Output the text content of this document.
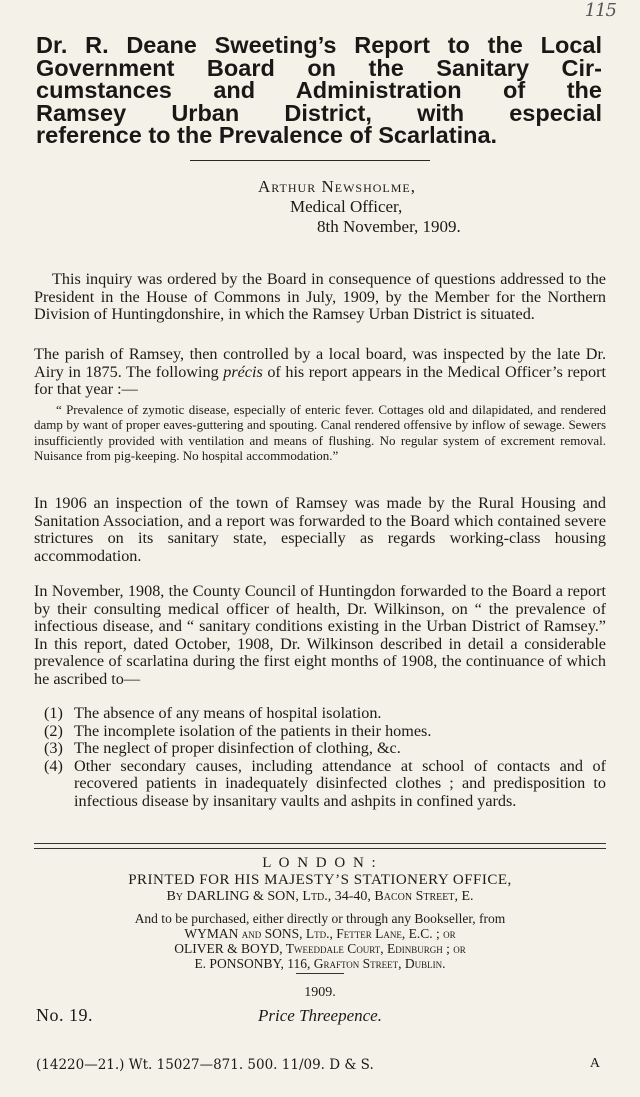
115
Dr. R. Deane Sweeting’s Report to the Local
Government Board on the Sanitary Cir-
cumstances and Administration of the
Ramsey Urban District, with especial
reference to the Prevalence of Scarlatina.
Arthur Newsholme,
Medical Officer,
8th November, 1909.

This inquiry was ordered by the Board in consequence of questions addressed to the President in the House of Commons in July, 1909, by the Member for the Northern Division of Huntingdonshire, in which the Ramsey Urban District is situated.

The parish of Ramsey, then controlled by a local board, was inspected by the late Dr. Airy in 1875. The following précis of his report appears in the Medical Officer’s report for that year :—

“ Prevalence of zymotic disease, especially of enteric fever. Cottages old and dilapidated, and rendered damp by want of proper eaves-guttering and spouting. Canal rendered offensive by inflow of sewage. Sewers insufficiently provided with ventilation and means of flushing. No regular system of excrement removal. Nuisance from pig-keeping. No hospital accommodation.”

In 1906 an inspection of the town of Ramsey was made by the Rural Housing and Sanitation Association, and a report was forwarded to the Board which contained severe strictures on its sanitary state, especially as regards working-class housing accommodation.

In November, 1908, the County Council of Huntingdon forwarded to the Board a report by their consulting medical officer of health, Dr. Wilkinson, on “ the prevalence of infectious disease, and “ sanitary conditions existing in the Urban District of Ramsey.” In this report, dated October, 1908, Dr. Wilkinson described in detail a considerable prevalence of scarlatina during the first eight months of 1908, the continuance of which he ascribed to—

(1) The absence of any means of hospital isolation.
(2) The incomplete isolation of the patients in their homes.
(3) The neglect of proper disinfection of clothing, &c.
(4) Other secondary causes, including attendance at school of contacts and of recovered patients in inadequately disinfected clothes ; and predisposition to infectious disease by insanitary vaults and ashpits in confined yards.
L O N D O N :
PRINTED FOR HIS MAJESTY’S STATIONERY OFFICE,
By DARLING & SON, Ltd., 34-40, Bacon Street, E.
And to be purchased, either directly or through any Bookseller, from
WYMAN and SONS, Ltd., Fetter Lane, E.C. ; or
OLIVER & BOYD, Tweeddale Court, Edinburgh ; or
E. PONSONBY, 116, Grafton Street, Dublin.
1909.
No. 19.	Price Threepence.
(14220—21.) Wt. 15027—871. 500. 11/09. D & S.	A
